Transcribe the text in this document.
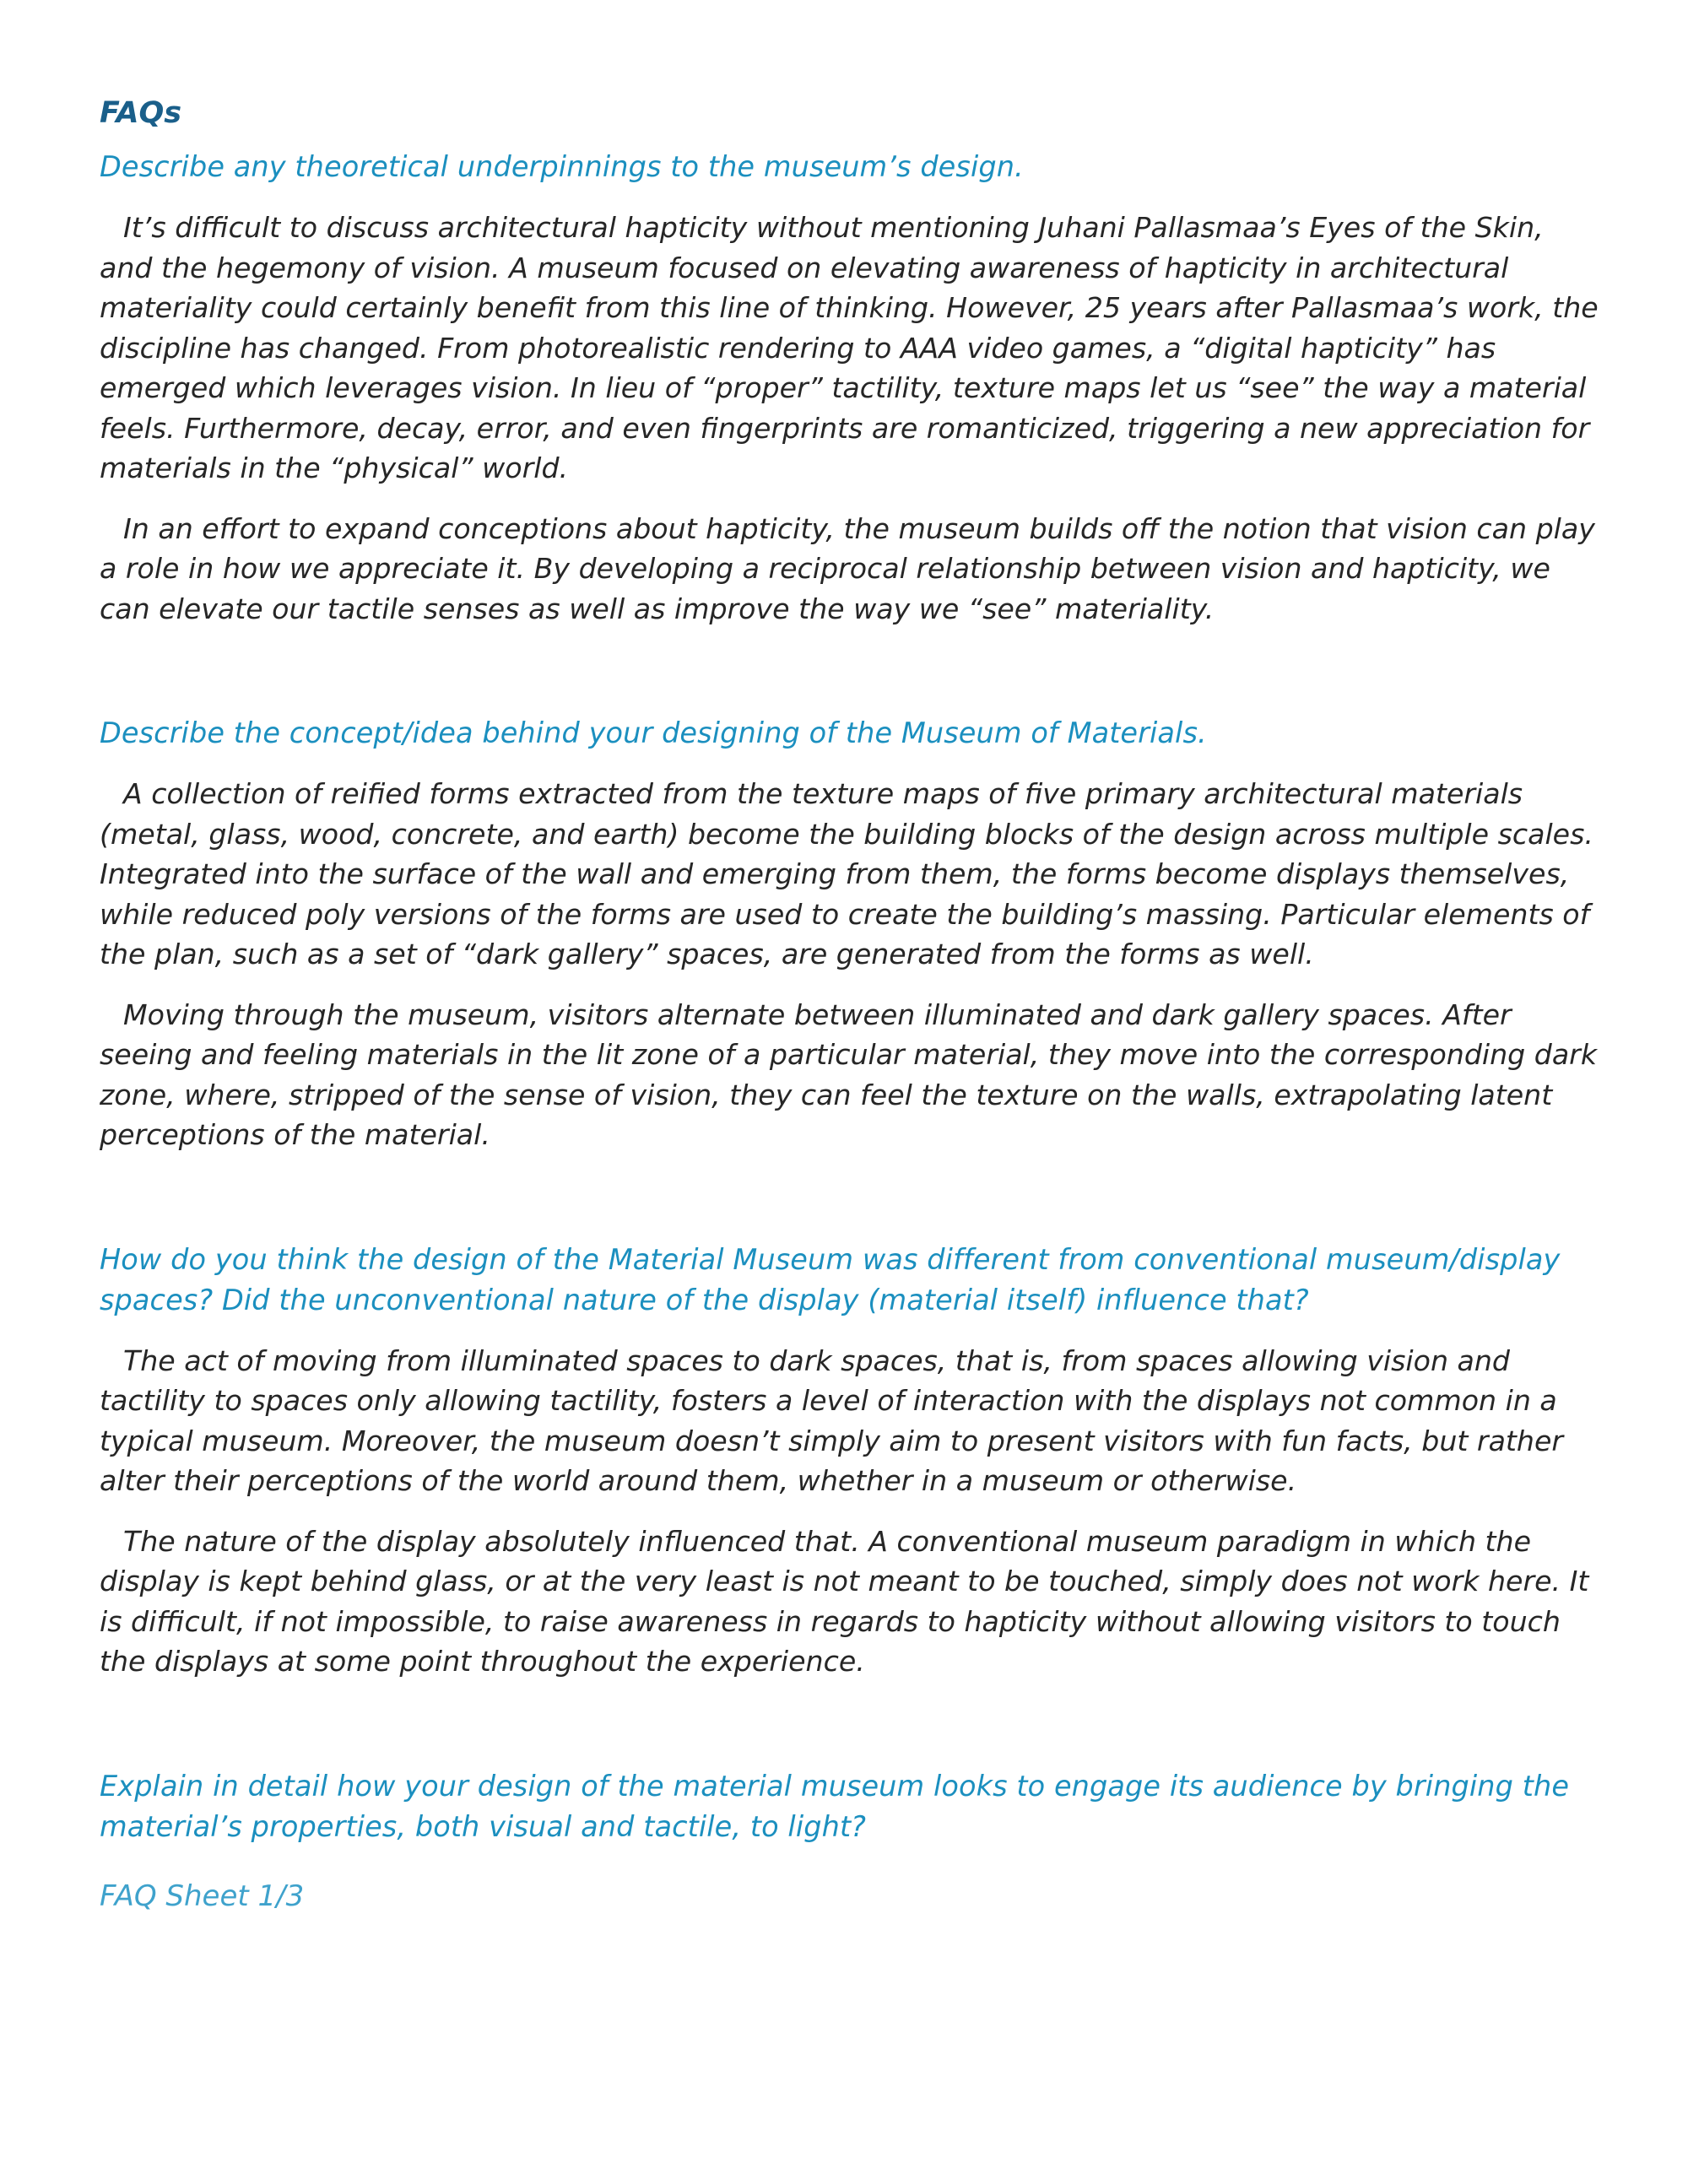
FAQs

Describe any theoretical underpinnings to the museum’s design.

It’s difficult to discuss architectural hapticity without mentioning Juhani Pallasmaa’s Eyes of the Skin, and the hegemony of vision. A museum focused on elevating awareness of hapticity in architectural materiality could certainly benefit from this line of thinking. However, 25 years after Pallasmaa’s work, the discipline has changed. From photorealistic rendering to AAA video games, a “digital hapticity” has emerged which leverages vision. In lieu of “proper” tactility, texture maps let us “see” the way a material feels. Furthermore, decay, error, and even fingerprints are romanticized, triggering a new appreciation for materials in the “physical” world.

In an effort to expand conceptions about hapticity, the museum builds off the notion that vision can play a role in how we appreciate it. By developing a reciprocal relationship between vision and hapticity, we can elevate our tactile senses as well as improve the way we “see” materiality.

Describe the concept/idea behind your designing of the Museum of Materials.

A collection of reified forms extracted from the texture maps of five primary architectural materials (metal, glass, wood, concrete, and earth) become the building blocks of the design across multiple scales. Integrated into the surface of the wall and emerging from them, the forms become displays themselves, while reduced poly versions of the forms are used to create the building’s massing. Particular elements of the plan, such as a set of “dark gallery” spaces, are generated from the forms as well.

Moving through the museum, visitors alternate between illuminated and dark gallery spaces. After seeing and feeling materials in the lit zone of a particular material, they move into the corresponding dark zone, where, stripped of the sense of vision, they can feel the texture on the walls, extrapolating latent perceptions of the material.

How do you think the design of the Material Museum was different from conventional museum/display spaces? Did the unconventional nature of the display (material itself) influence that?

The act of moving from illuminated spaces to dark spaces, that is, from spaces allowing vision and tactility to spaces only allowing tactility, fosters a level of interaction with the displays not common in a typical museum. Moreover, the museum doesn’t simply aim to present visitors with fun facts, but rather alter their perceptions of the world around them, whether in a museum or otherwise.

The nature of the display absolutely influenced that. A conventional museum paradigm in which the display is kept behind glass, or at the very least is not meant to be touched, simply does not work here. It is difficult, if not impossible, to raise awareness in regards to hapticity without allowing visitors to touch the displays at some point throughout the experience.

Explain in detail how your design of the material museum looks to engage its audience by bringing the material’s properties, both visual and tactile, to light?

FAQ Sheet 1/3
